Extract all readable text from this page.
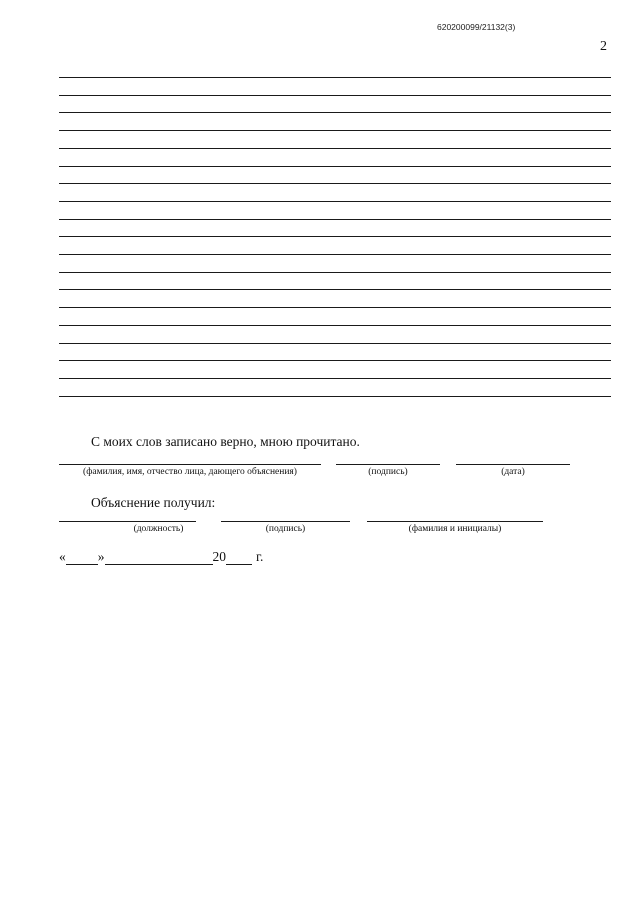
620200099/21132(3)
2
С моих слов записано верно, мною прочитано.
(фамилия, имя, отчество лица, дающего объяснения)	(подпись)	(дата)
Объяснение получил:
(должность)	(подпись)	(фамилия и инициалы)
« »	20 г.
